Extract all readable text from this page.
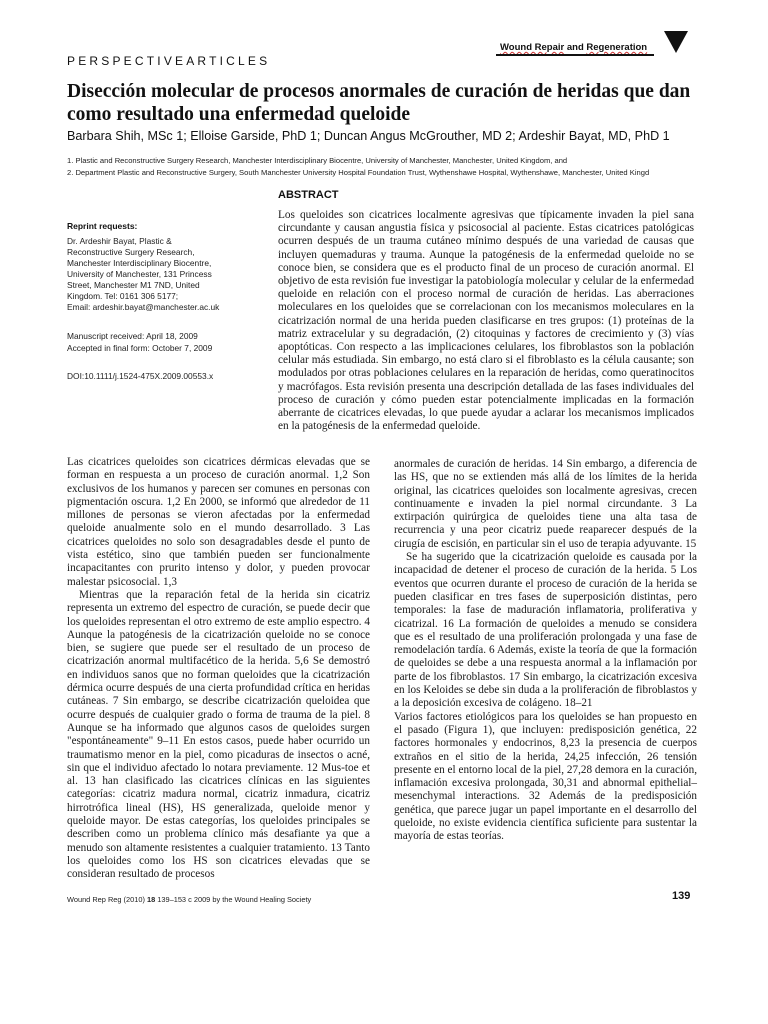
PERSPECTIVEARTICLES
Wound Repair and Regeneration
Disección molecular de procesos anormales de curación de heridas que dan como resultado una enfermedad queloide
Barbara Shih, MSc 1; Elloise Garside, PhD 1; Duncan Angus McGrouther, MD 2; Ardeshir Bayat, MD, PhD 1
1. Plastic and Reconstructive Surgery Research, Manchester Interdisciplinary Biocentre, University of Manchester, Manchester, United Kingdom, and
2. Department Plastic and Reconstructive Surgery, South Manchester University Hospital Foundation Trust, Wythenshawe Hospital, Wythenshawe, Manchester, United Kingd
ABSTRACT
Los queloides son cicatrices localmente agresivas que típicamente invaden la piel sana circundante y causan angustia física y psicosocial al paciente. Estas cicatrices patológicas ocurren después de un trauma cutáneo mínimo después de una variedad de causas que incluyen quemaduras y trauma. Aunque la patogénesis de la enfermedad queloide no se conoce bien, se considera que es el producto final de un proceso de curación anormal. El objetivo de esta revisión fue investigar la patobiología molecular y celular de la enfermedad queloide en relación con el proceso normal de curación de heridas. Las aberraciones moleculares en los queloides que se correlacionan con los mecanismos moleculares en la cicatrización normal de una herida pueden clasificarse en tres grupos: (1) proteínas de la matriz extracelular y su degradación, (2) citoquinas y factores de crecimiento y (3) vías apoptóticas. Con respecto a las implicaciones celulares, los fibroblastos son la población celular más estudiada. Sin embargo, no está claro si el fibroblasto es la célula causante; son modulados por otras poblaciones celulares en la reparación de heridas, como queratinocitos y macrófagos. Esta revisión presenta una descripción detallada de las fases individuales del proceso de curación y cómo pueden estar potencialmente implicadas en la formación aberrante de cicatrices elevadas, lo que puede ayudar a aclarar los mecanismos implicados en la patogénesis de la enfermedad queloide.
Reprint requests:
Dr. Ardeshir Bayat, Plastic &
Reconstructive Surgery Research,
Manchester Interdisciplinary Biocentre,
University of Manchester, 131 Princess
Street, Manchester M1 7ND, United
Kingdom. Tel: 0161 306 5177;
Email: ardeshir.bayat@manchester.ac.uk
Manuscript received: April 18, 2009
Accepted in final form: October 7, 2009
DOI:10.1111/j.1524-475X.2009.00553.x

Las cicatrices queloides son cicatrices dérmicas elevadas que se forman en respuesta a un proceso de curación anormal. 1,2 Son exclusivos de los humanos y parecen ser comunes en personas con pigmentación oscura. 1,2 En 2000, se informó que alrededor de 11 millones de personas se vieron afectadas por la enfermedad queloide anualmente solo en el mundo desarrollado. 3 Las cicatrices queloides no solo son desagradables desde el punto de vista estético, sino que también pueden ser funcionalmente incapacitantes con prurito intenso y dolor, y pueden provocar malestar psicosocial. 1,3

Mientras que la reparación fetal de la herida sin cicatriz representa un extremo del espectro de curación, se puede decir que los queloides representan el otro extremo de este amplio espectro. 4 Aunque la patogénesis de la cicatrización queloide no se conoce bien, se sugiere que puede ser el resultado de un proceso de cicatrización anormal multifacético de la herida. 5,6 Se demostró en individuos sanos que no forman queloides que la cicatrización dérmica ocurre después de una cierta profundidad crítica en heridas cutáneas. 7 Sin embargo, se describe cicatrización queloidea que ocurre después de cualquier grado o forma de trauma de la piel. 8 Aunque se ha informado que algunos casos de queloides surgen "espontáneamente" 9–11 En estos casos, puede haber ocurrido un traumatismo menor en la piel, como picaduras de insectos o acné, sin que el individuo afectado lo notara previamente. 12 Mus-toe et al. 13 han clasificado las cicatrices clínicas en las siguientes categorías: cicatriz madura normal, cicatriz inmadura, cicatriz hirrotrófica lineal (HS), HS generalizada, queloide menor y queloide mayor. De estas categorías, los queloides principales se describen como un problema clínico más desafiante ya que a menudo son altamente resistentes a cualquier tratamiento. 13 Tanto los queloides como los HS son cicatrices elevadas que se consideran resultado de procesos

anormales de curación de heridas. 14 Sin embargo, a diferencia de las HS, que no se extienden más allá de los límites de la herida original, las cicatrices queloides son localmente agresivas, crecen continuamente e invaden la piel normal circundante. 3 La extirpación quirúrgica de queloides tiene una alta tasa de recurrencia y una peor cicatriz puede reaparecer después de la cirugía de escisión, en particular sin el uso de terapia adyuvante. 15

Se ha sugerido que la cicatrización queloide es causada por la incapacidad de detener el proceso de curación de la herida. 5 Los eventos que ocurren durante el proceso de curación de la herida se pueden clasificar en tres fases de superposición distintas, pero temporales: la fase de maduración inflamatoria, proliferativa y cicatrizal. 16 La formación de queloides a menudo se considera que es el resultado de una proliferación prolongada y una fase de remodelación tardía. 6 Además, existe la teoría de que la formación de queloides se debe a una respuesta anormal a la inflamación por parte de los fibroblastos. 17 Sin embargo, la cicatrización excesiva en los Keloides se debe sin duda a la proliferación de fibroblastos y a la deposición excesiva de colágeno. 18–21

Varios factores etiológicos para los queloides se han propuesto en el pasado (Figura 1), que incluyen: predisposición genética, 22 factores hormonales y endocrinos, 8,23 la presencia de cuerpos extraños en el sitio de la herida, 24,25 infección, 26 tensión presente en el entorno local de la piel, 27,28 demora en la curación, inflamación excesiva prolongada, 30,31 and abnormal epithelial–mesenchymal interactions. 32 Además de la predisposición genética, que parece jugar un papel importante en el desarrollo del queloide, no existe evidencia científica suficiente para sustentar la mayoría de estas teorías.

Wound Rep Reg (2010) 18 139–153 c 2009 by the Wound Healing Society	139
